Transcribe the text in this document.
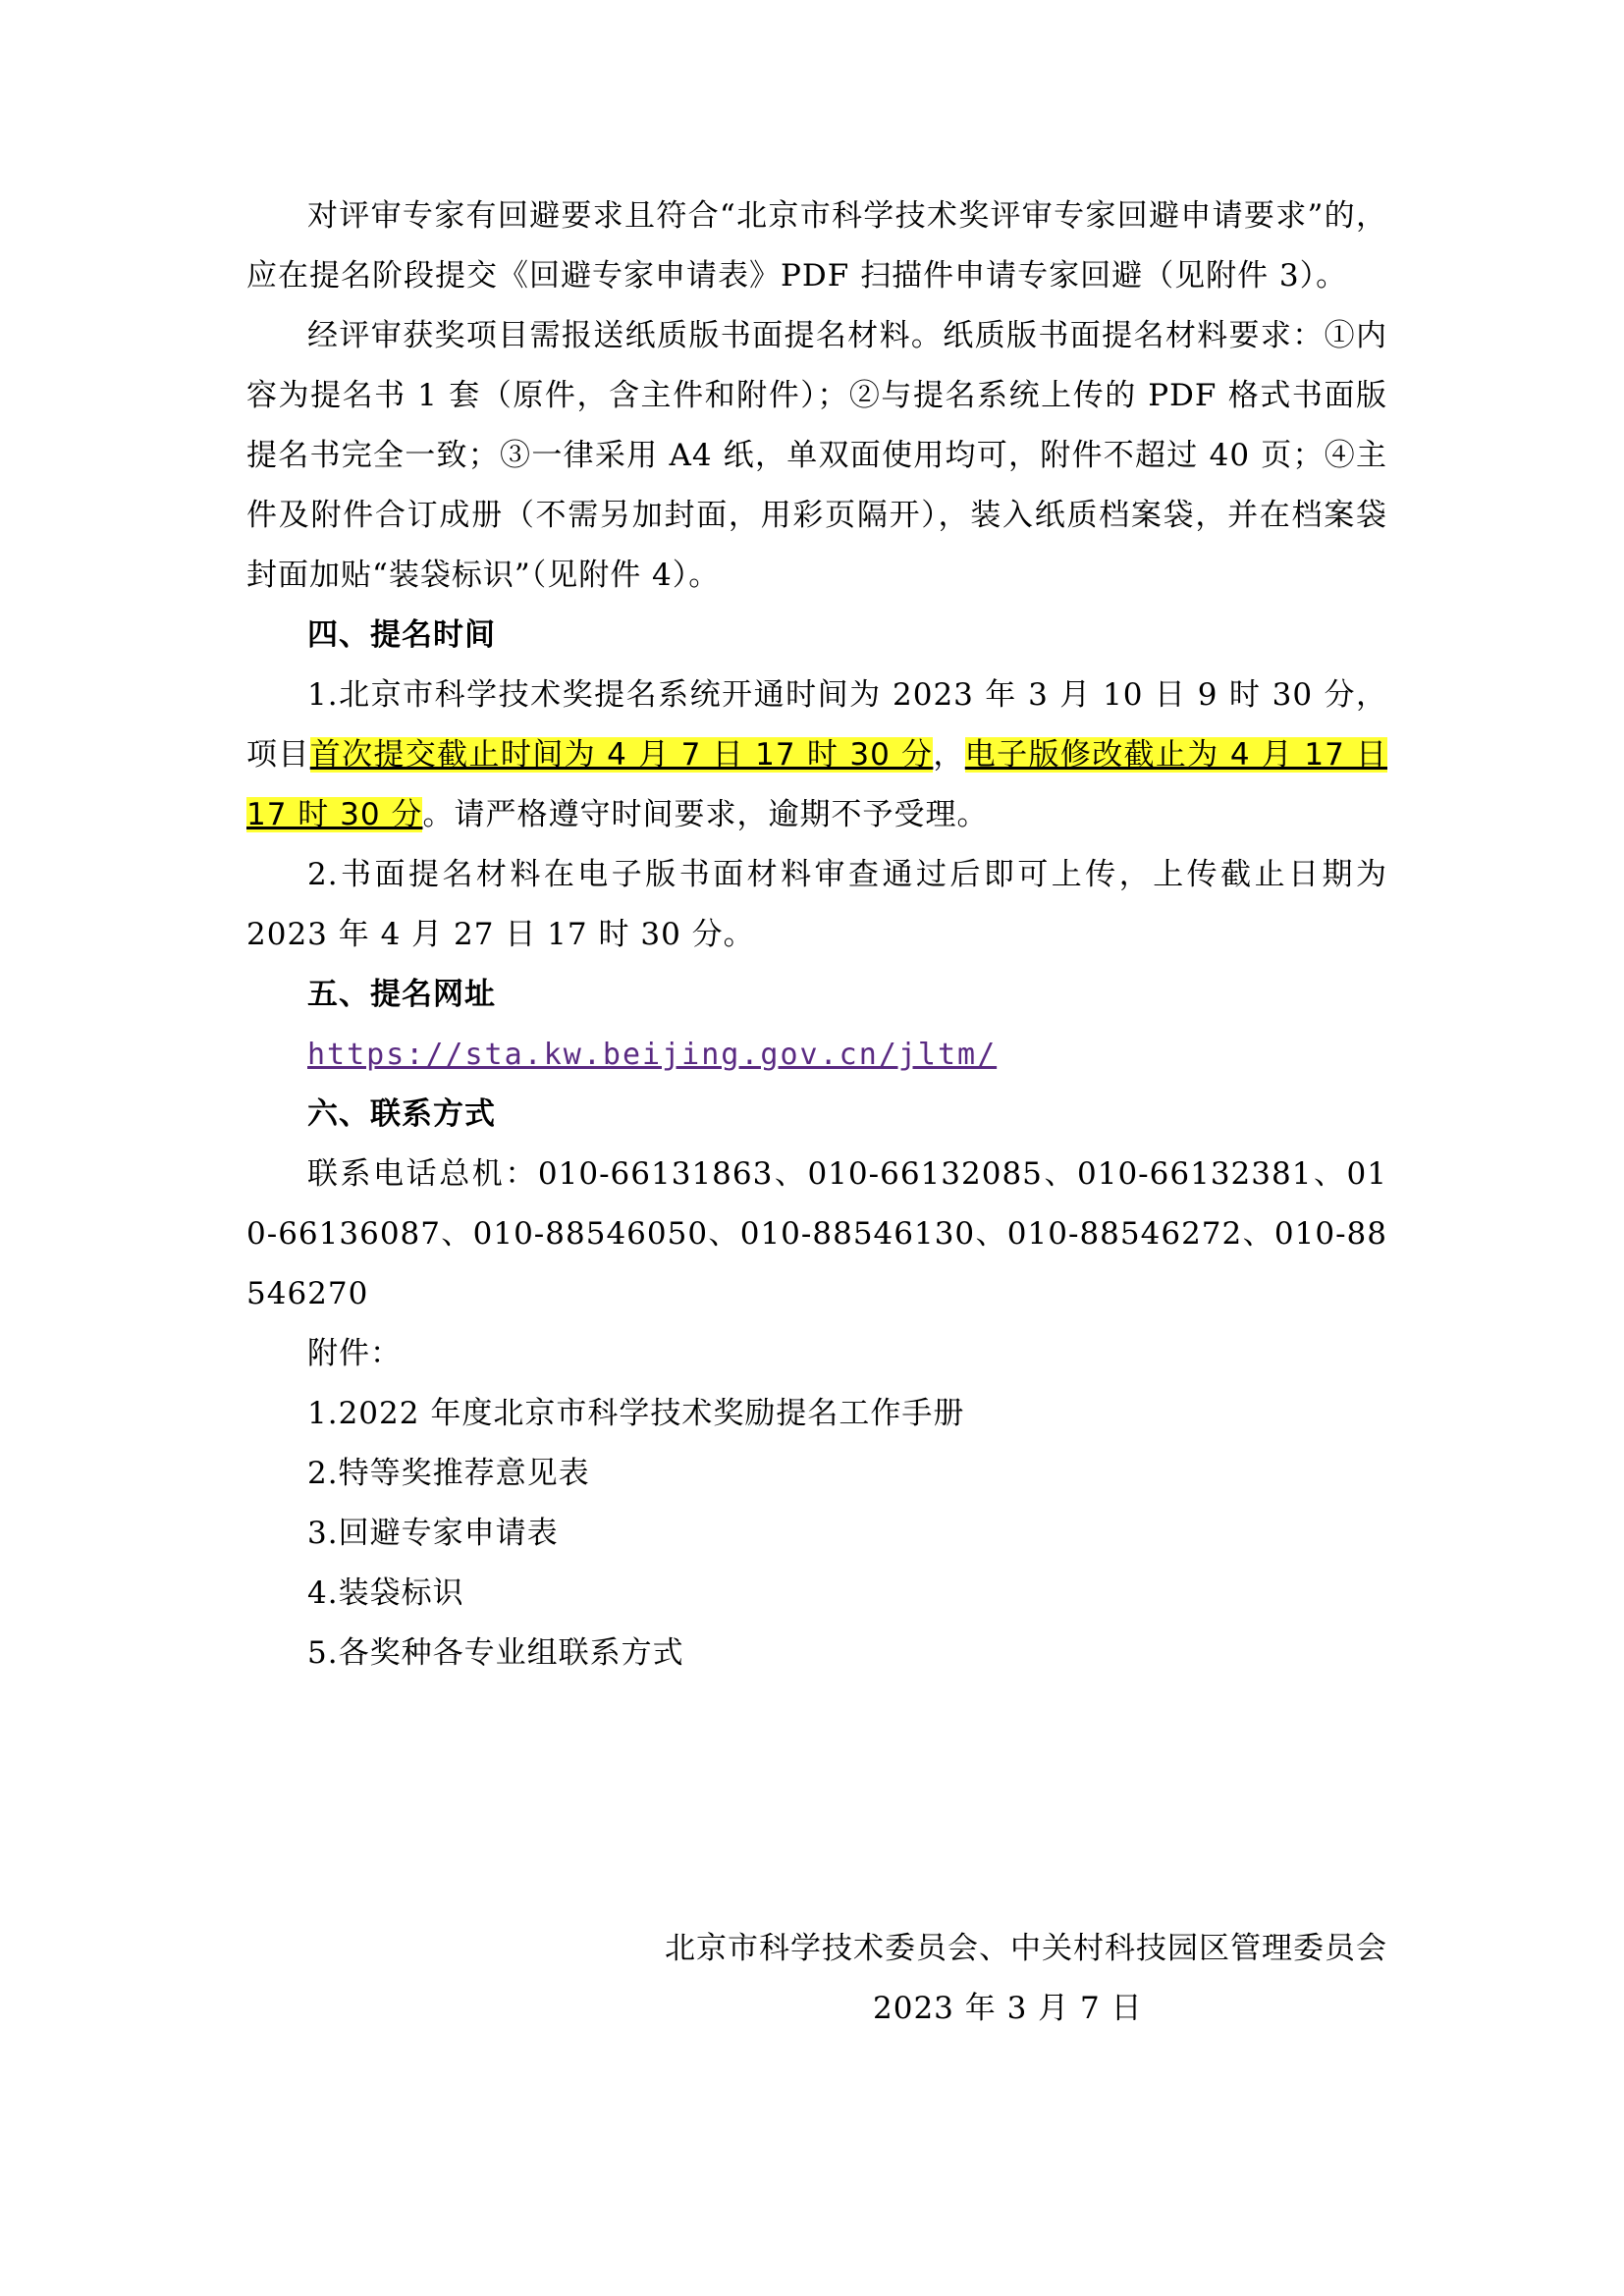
对评审专家有回避要求且符合“北京市科学技术奖评审专家回避申请要求”的，应在提名阶段提交《回避专家申请表》PDF 扫描件申请专家回避（见附件 3）。

经评审获奖项目需报送纸质版书面提名材料。纸质版书面提名材料要求：①内容为提名书 1 套（原件，含主件和附件）；②与提名系统上传的 PDF 格式书面版提名书完全一致；③一律采用 A4 纸，单双面使用均可，附件不超过 40 页；④主件及附件合订成册（不需另加封面，用彩页隔开），装入纸质档案袋，并在档案袋封面加贴“装袋标识”（见附件 4）。

四、提名时间

1.北京市科学技术奖提名系统开通时间为 2023 年 3 月 10 日 9 时 30 分，项目首次提交截止时间为 4 月 7 日 17 时 30 分，电子版修改截止为 4 月 17 日 17 时 30 分。请严格遵守时间要求，逾期不予受理。

2.书面提名材料在电子版书面材料审查通过后即可上传，上传截止日期为 2023 年 4 月 27 日 17 时 30 分。

五、提名网址

https://sta.kw.beijing.gov.cn/jltm/

六、联系方式

联系电话总机：010-66131863、010-66132085、010-66132381、010-66136087、010-88546050、010-88546130、010-88546272、010-88546270

附件：

1.2022 年度北京市科学技术奖励提名工作手册

2.特等奖推荐意见表

3.回避专家申请表

4.装袋标识

5.各奖种各专业组联系方式

北京市科学技术委员会、中关村科技园区管理委员会

2023 年 3 月 7 日
